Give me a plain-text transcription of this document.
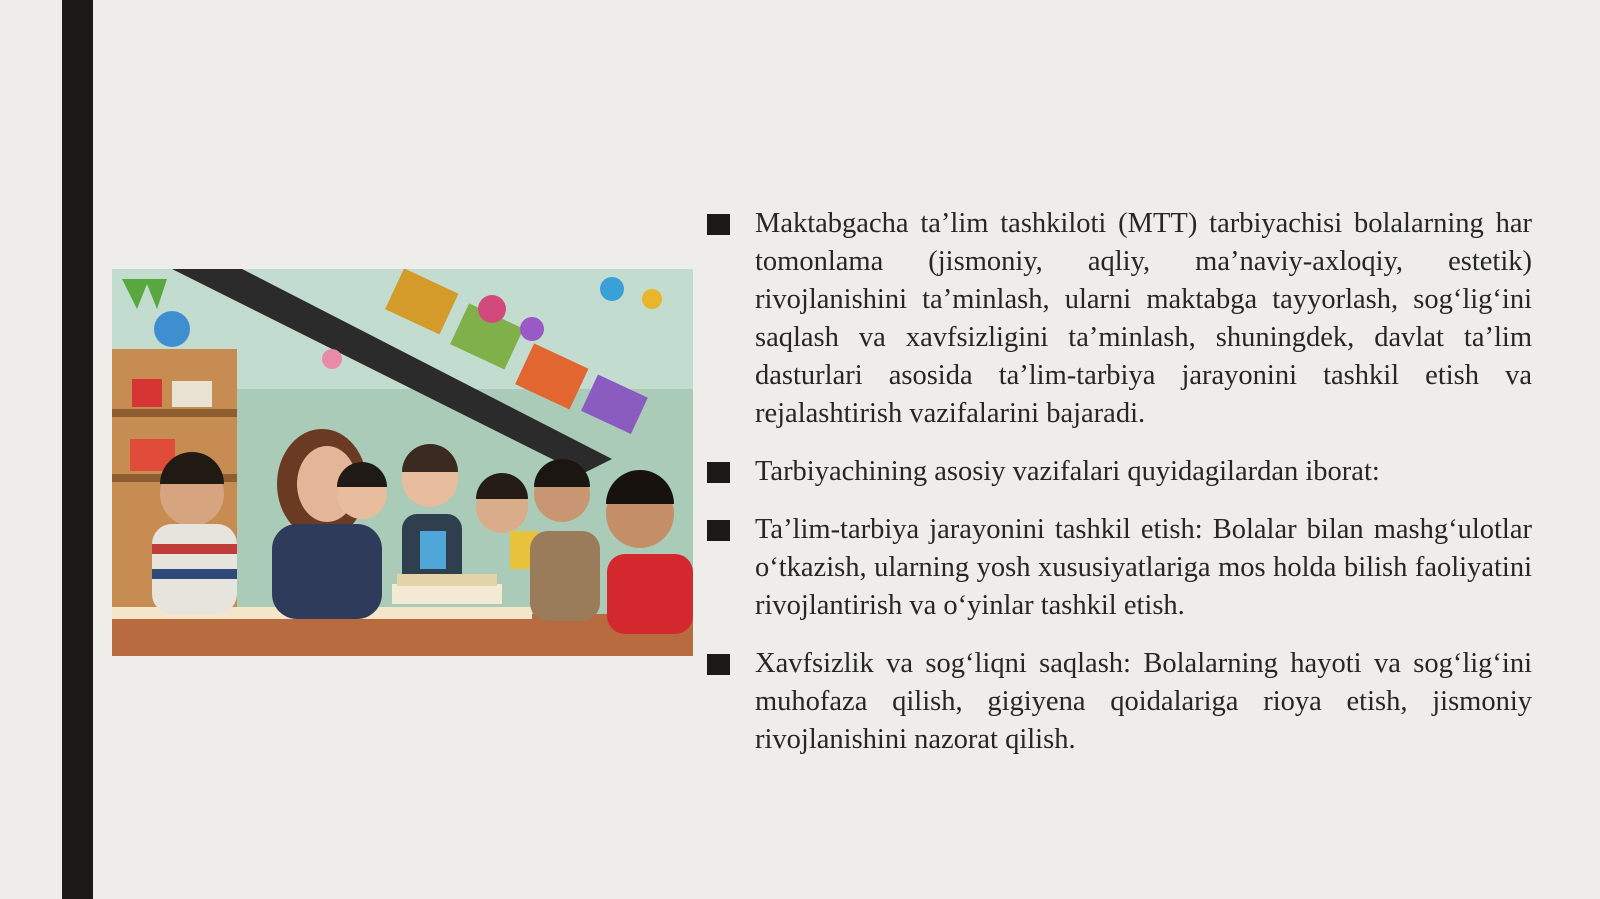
Maktabgacha ta’lim tashkiloti (MTT) tarbiyachisi bolalarning har tomonlama (jismoniy, aqliy, ma’naviy-axloqiy, estetik) rivojlanishini ta’minlash, ularni maktabga tayyorlash, sog‘lig‘ini saqlash va xavfsizligini ta’minlash, shuningdek, davlat ta’lim dasturlari asosida ta’lim-tarbiya jarayonini tashkil etish va rejalashtirish vazifalarini bajaradi.
Tarbiyachining asosiy vazifalari quyidagilardan iborat:
Ta’lim-tarbiya jarayonini tashkil etish: Bolalar bilan mashg‘ulotlar o‘tkazish, ularning yosh xususiyatlariga mos holda bilish faoliyatini rivojlantirish va o‘yinlar tashkil etish.
Xavfsizlik va sog‘liqni saqlash: Bolalarning hayoti va sog‘lig‘ini muhofaza qilish, gigiyena qoidalariga rioya etish, jismoniy rivojlanishini nazorat qilish.
